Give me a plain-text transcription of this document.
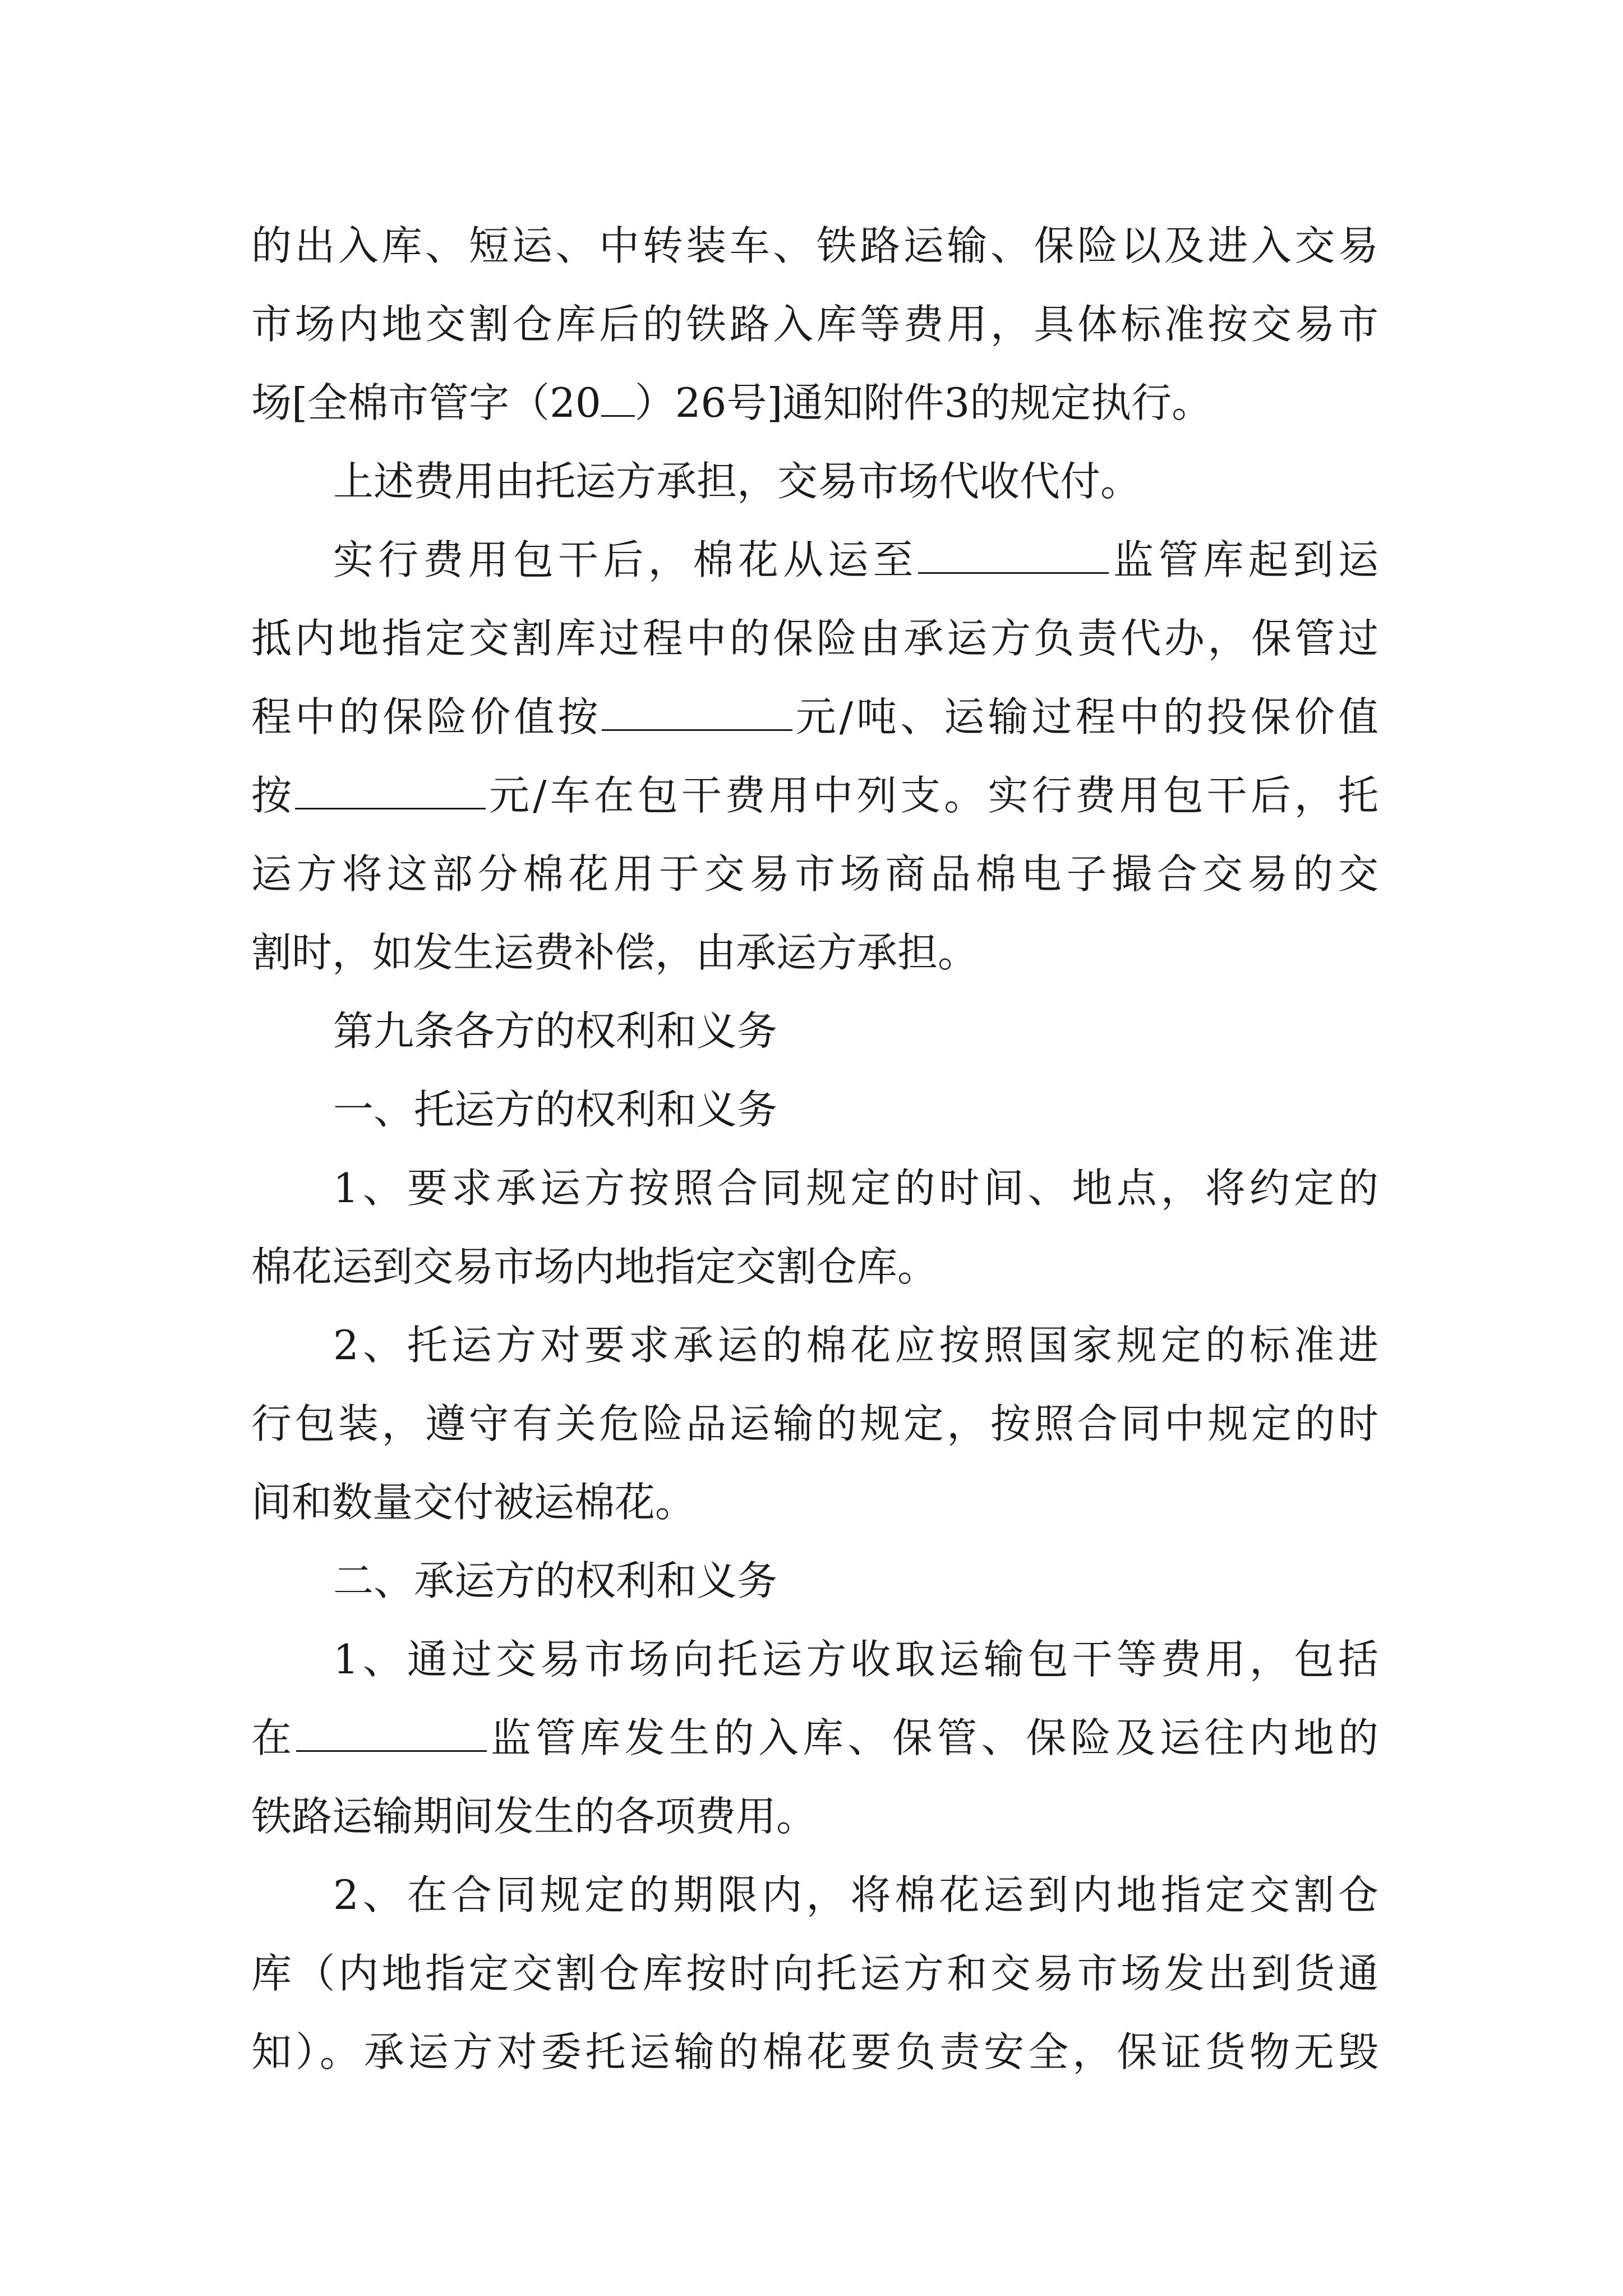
的出入库、短运、中转装车、铁路运输、保险以及进入交易
市场内地交割仓库后的铁路入库等费用，具体标准按交易市
场[全棉市管字（20 ）26号]通知附件3的规定执行。
上述费用由托运方承担，交易市场代收代付。
实行费用包干后，棉花从运至	监管库起到运
抵内地指定交割库过程中的保险由承运方负责代办，保管过
程中的保险价值按	元/吨、运输过程中的投保价值
按	元/车在包干费用中列支。实行费用包干后，托
运方将这部分棉花用于交易市场商品棉电子撮合交易的交
割时，如发生运费补偿，由承运方承担。
第九条各方的权利和义务
一、托运方的权利和义务
1、要求承运方按照合同规定的时间、地点，将约定的
棉花运到交易市场内地指定交割仓库。
2、托运方对要求承运的棉花应按照国家规定的标准进
行包装，遵守有关危险品运输的规定，按照合同中规定的时
间和数量交付被运棉花。
二、承运方的权利和义务
1、通过交易市场向托运方收取运输包干等费用，包括
在	监管库发生的入库、保管、保险及运往内地的
铁路运输期间发生的各项费用。
2、在合同规定的期限内，将棉花运到内地指定交割仓
库（内地指定交割仓库按时向托运方和交易市场发出到货通
知）。承运方对委托运输的棉花要负责安全，保证货物无毁
